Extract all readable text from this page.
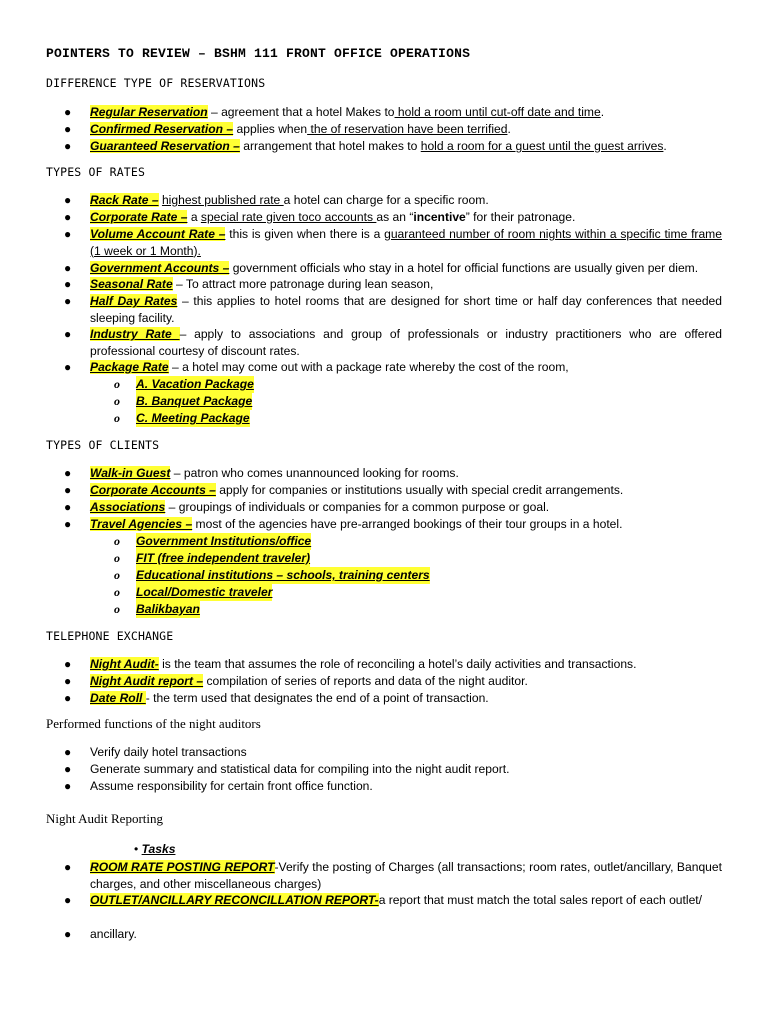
POINTERS TO REVIEW – BSHM 111 FRONT OFFICE OPERATIONS
DIFFERENCE TYPE OF RESERVATIONS
●	Regular Reservation – agreement that a hotel Makes to hold a room until cut-off date and time.
●	Confirmed Reservation – applies when the of reservation have been terrified.
●	Guaranteed Reservation – arrangement that hotel makes to hold a room for a guest until the guest arrives.
TYPES OF RATES
●	Rack Rate – highest published rate a hotel can charge for a specific room.
●	Corporate Rate – a special rate given toco accounts as an “incentive” for their patronage.
●	Volume Account Rate – this is given when there is a guaranteed number of room nights within a specific time frame (1 week or 1 Month).
●	Government Accounts – government officials who stay in a hotel for official functions are usually given per diem.
●	Seasonal Rate – To attract more patronage during lean season,
●	Half Day Rates – this applies to hotel rooms that are designed for short time or half day conferences that needed sleeping facility.
●	Industry Rate – apply to associations and group of professionals or industry practitioners who are offered professional courtesy of discount rates.
●	Package Rate – a hotel may come out with a package rate whereby the cost of the room,
o A. Vacation Package
o B. Banquet Package
o C. Meeting Package
TYPES OF CLIENTS
●	Walk-in Guest – patron who comes unannounced looking for rooms.
●	Corporate Accounts – apply for companies or institutions usually with special credit arrangements.
●	Associations – groupings of individuals or companies for a common purpose or goal.
●	Travel Agencies – most of the agencies have pre-arranged bookings of their tour groups in a hotel.
o Government Institutions/office
o FIT (free independent traveler)
o Educational institutions – schools, training centers
o Local/Domestic traveler
o Balikbayan
TELEPHONE EXCHANGE
●	Night Audit- is the team that assumes the role of reconciling a hotel’s daily activities and transactions.
●	Night Audit report – compilation of series of reports and data of the night auditor.
●	Date Roll - the term used that designates the end of a point of transaction.
Performed functions of the night auditors
●	Verify daily hotel transactions
●	Generate summary and statistical data for compiling into the night audit report.
●	Assume responsibility for certain front office function.
Night Audit Reporting
• Tasks
●	ROOM RATE POSTING REPORT-Verify the posting of Charges (all transactions; room rates, outlet/ancillary, Banquet charges, and other miscellaneous charges)
●	OUTLET/ANCILLARY RECONCILLATION REPORT-a report that must match the total sales report of each outlet/
●	ancillary.
